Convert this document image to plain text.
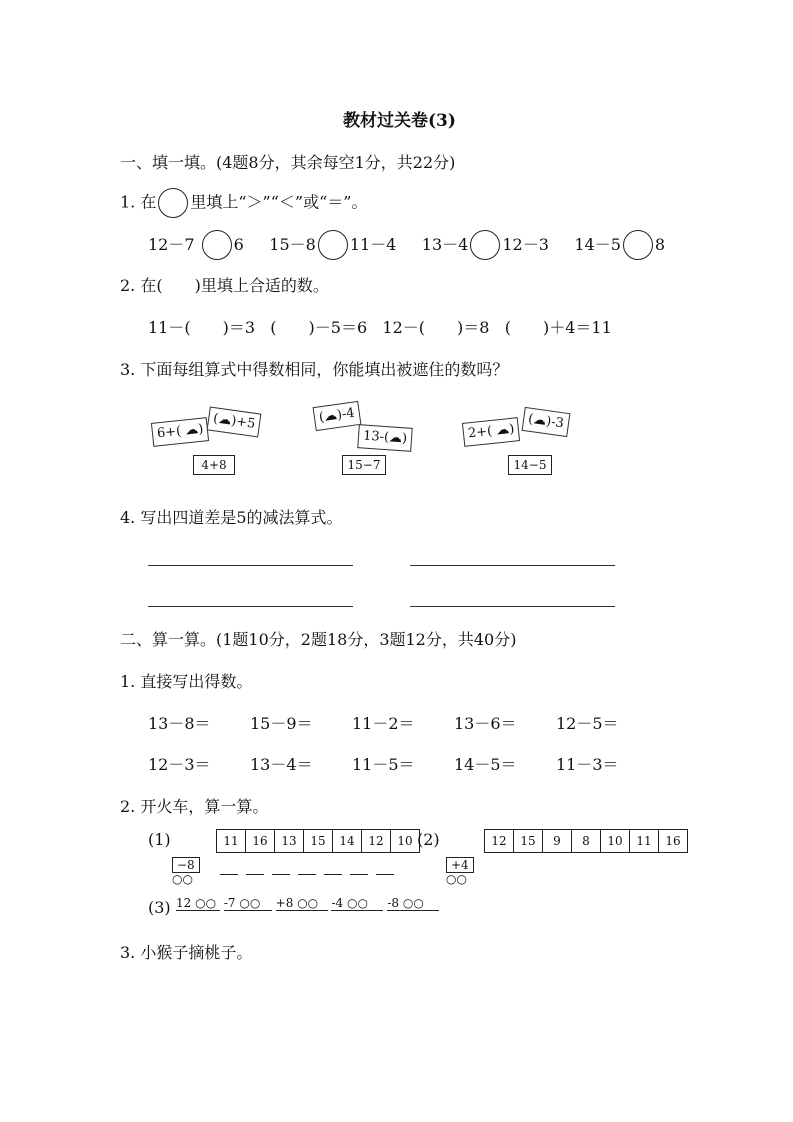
教材过关卷(3)
一、填一填。(4题8分，其余每空1分，共22分)
1. 在 里填上“＞”“＜”或“＝”。
12－7 6 15－8 11－4 13－4 12－3 14－5 8
2. 在(　　)里填上合适的数。
11－(　　)＝3 (　　)－5＝6 12－(　　)＝8 (　　)＋4＝11
3. 下面每组算式中得数相同，你能填出被遮住的数吗？
6+( ☁)
(☁)+5
4+8
(☁)-4
13-(☁)
15−7
2+( ☁)
(☁)-3
14−5
4. 写出四道差是5的减法算式。
二、算一算。(1题10分，2题18分，3题12分，共40分)
1. 直接写出得数。
13－8＝ 15－9＝ 11－2＝ 13－6＝ 12－5＝
12－3＝ 13－4＝ 11－5＝ 14－5＝ 11－3＝
2. 开火车，算一算。
(1)	11	16	13	15	14	12	10
−8
○○
(2)	12	15	9	8	10	11	16
+4
○○
(3) 12 ○○ -7 ○○ +8 ○○ -4 ○○ -8 ○○
3. 小猴子摘桃子。
